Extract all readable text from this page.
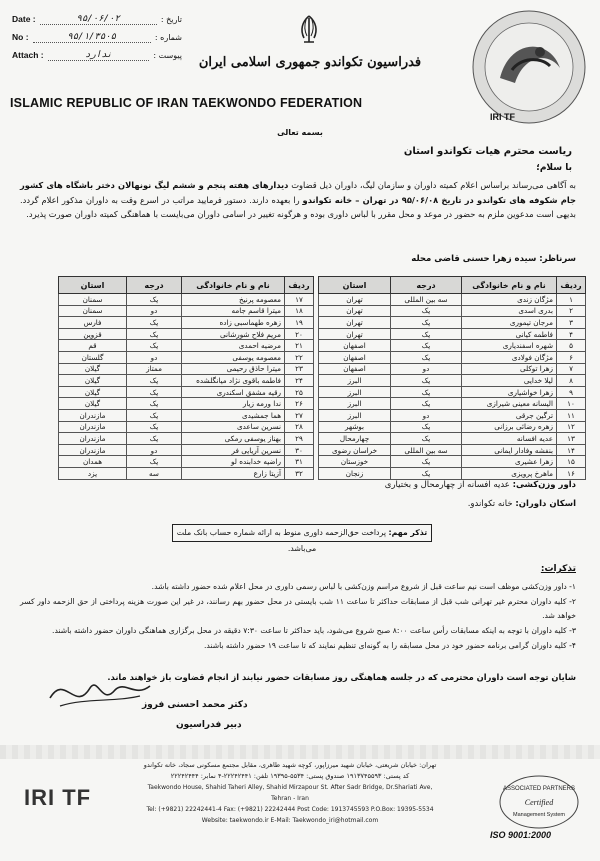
Date :	۹۵/۰۶/۰۲	: تاریخ
No :	۹۵/۱/۳۵۰۵	: شماره
Attach :	ندارد	: پیوست	فدراسیون تکواندو جمهوری اسلامی ایران
ISLAMIC REPUBLIC OF IRAN TAEKWONDO FEDERATION
IRI TF
بسمه تعالی
ریاست محترم هیات تکواندو استان
با سلام؛
به آگاهی می‌رساند براساس اعلام کمیته داوران و سازمان لیگ، داوران ذیل قضاوت دیدارهای هفته پنجم و ششم لیگ نونهالان دختر باشگاه های کشور جام شکوفه های تکواندو در تاریخ ۹۵/۰۶/۰۸ در تهران – خانه تکواندو را بعهده دارند. دستور فرمایید مراتب در اسرع وقت به داوران مذکور اعلام گردد. بدیهی است مدعوین ملزم به حضور در موعد و محل مقرر با لباس داوری بوده و هرگونه تغییر در اسامی داوران می‌بایست با هماهنگی کمیته داوران صورت پذیرد.
سرناظر: سیده زهرا حسنی قاضی محله
ردیف	نام و نام خانوادگی	درجه	استان
۱	مژگان زندی	سه بین المللی	تهران
۲	بدری اسدی	یک	تهران
۳	مرجان تیموری	یک	تهران
۴	فاطمه کیانی	یک	تهران
۵	شهره اسفندیاری	یک	اصفهان
۶	مژگان فولادی	یک	اصفهان
۷	زهرا توکلی	دو	اصفهان
۸	لیلا خدایی	یک	البرز
۹	زهرا خواشیاری	یک	البرز
۱۰	الیسانه معینی شیرازی	یک	البرز
۱۱	ترگین جرقی	دو	البرز
۱۲	زهره رضائی برزانی	یک	بوشهر
۱۳	عدیه افسانه	یک	چهارمحال
۱۴	بنفشه وفادار ایمانی	سه بین المللی	خراسان رضوی
۱۵	زهرا عشیری	یک	خوزستان
۱۶	ماهرخ پرویزی	یک	زنجان
ردیف	نام و نام خانوادگی	درجه	استان
۱۷	معصومه پرنیخ	یک	سمنان
۱۸	میترا قاسم جامه	دو	سمنان
۱۹	زهره طهماسبی زاده	یک	فارس
۲۰	مریم فلاح شورشانی	یک	قزوین
۲۱	مرضیه احمدی	یک	قم
۲۲	معصومه یوسفی	دو	گلستان
۲۳	میترا حاذق رحیمی	ممتاز	گیلان
۲۴	فاطمه باقوی نژاد میانگلشده	یک	گیلان
۲۵	رقیه مشفق اسکندری	یک	گیلان
۲۶	ندا ورمه زیار	یک	گیلان
۲۷	هما جمشیدی	یک	مازندران
۲۸	نسرین ساعدی	یک	مازندران
۲۹	بهناز یوسفی رمکی	یک	مازندران
۳۰	نسرین آریایی فر	دو	مازندران
۳۱	راضیه خدابنده لو	یک	همدان
۳۲	آزیتا زارع	سه	یزد
داور وزن‌کشی: عدیه افسانه از چهارمحال و بختیاری
اسکان داوران: خانه تکواندو.
تذکر مهم: پرداخت حق‌الزحمه داوری منوط به ارائه شماره حساب بانک ملت می‌باشد.
تذکرات:

۱- داور وزن‌کشی موظف است نیم ساعت قبل از شروع مراسم وزن‌کشی با لباس رسمی داوری در محل اعلام شده حضور داشته باشد.

۲- کلیه داوران محترم غیر تهرانی شب قبل از مسابقات حداکثر تا ساعت ۱۱ شب بایستی در محل حضور بهم رسانند، در غیر این صورت هزینه پرداختی از حق الزحمه داور کسر خواهد شد.

۳- کلیه داوران با توجه به اینکه مسابقات رأس ساعت ۸:۰۰ صبح شروع می‌شود، باید حداکثر تا ساعت ۷:۳۰ دقیقه در محل برگزاری هماهنگی داوران حضور داشته باشند.

۴- کلیه داوران گرامی برنامه حضور خود در محل مسابقه را به گونه‌ای تنظیم نمایند که تا ساعت ۱۹ حضور داشته باشند.

شایان توجه است داوران محترمی که در جلسه هماهنگی روز مسابقات حضور نیابند از انجام قضاوت باز خواهند ماند.
دکتر محمد احسنی فروز
دبیر فدراسیون
IRI TF
تهران: خیابان شریعتی، خیابان شهید میرزاپور، کوچه شهید طاهری، مقابل مجتمع مسکونی سجاد، خانه تکواندو
کد پستی: ۱۹۱۳۷۴۵۵۹۳ صندوق پستی: ۵۵۳۴-۱۹۳۹۵ تلفن: ۲۲۲۴۲۴۴۱-۴ نمابر: ۲۲۲۴۲۴۴۴
Taekwondo House, Shahid Taheri Alley, Shahid Mirzapour St. After Sadr Bridge, Dr.Shariati Ave, Tehran - Iran
Tel: (+9821) 22242441-4 Fax: (+9821) 22242444 Post Code: 1913745593 P.O.Box: 19395-5534
Website: taekwondo.ir E-Mail: Taekwondo_iri@hotmail.com
ASSOCIATED PARTNERS
Certified
Management System
ISO 9001:2000
